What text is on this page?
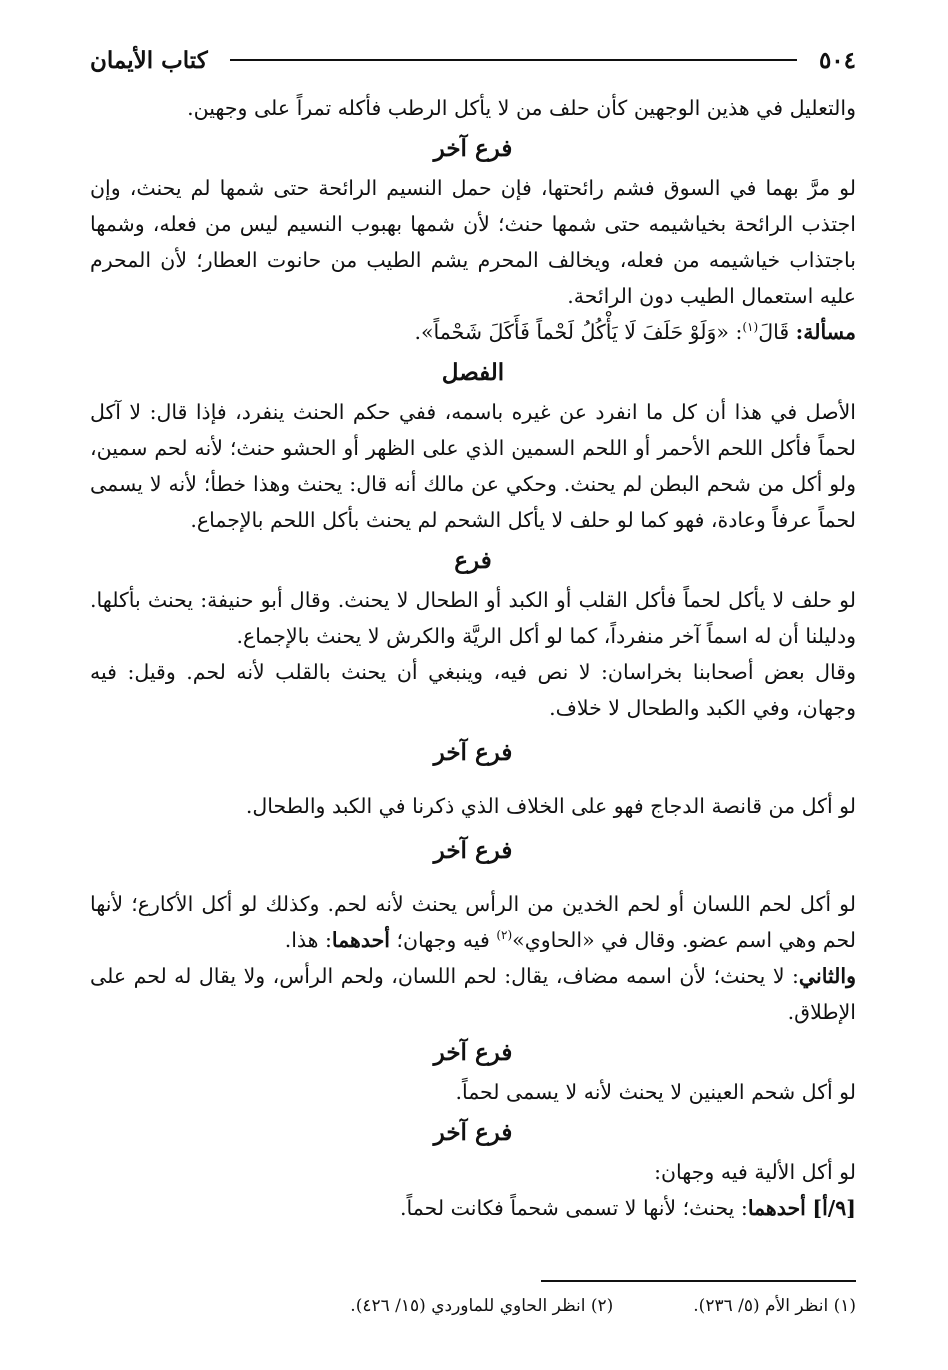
٥٠٤
كتاب الأيمان

والتعليل في هذين الوجهين كأن حلف من لا يأكل الرطب فأكله تمراً على وجهين.

فرع آخر

لو مرَّ بهما في السوق فشم رائحتها، فإن حمل النسيم الرائحة حتى شمها لم يحنث، وإن اجتذب الرائحة بخياشيمه حتى شمها حنث؛ لأن شمها بهبوب النسيم ليس من فعله، وشمها باجتذاب خياشيمه من فعله، ويخالف المحرم يشم الطيب من حانوت العطار؛ لأن المحرم عليه استعمال الطيب دون الرائحة.

مسألة: قَالَ$^{(١)}$: «وَلَوْ حَلَفَ لَا يَأْكُلُ لَحْماً فَأَكَلَ شَحْماً».

الفصل

الأصل في هذا أن كل ما انفرد عن غيره باسمه، ففي حكم الحنث ينفرد، فإذا قال: لا آكل لحماً فأكل اللحم الأحمر أو اللحم السمين الذي على الظهر أو الحشو حنث؛ لأنه لحم سمين، ولو أكل من شحم البطن لم يحنث. وحكي عن مالك أنه قال: يحنث وهذا خطأ؛ لأنه لا يسمى لحماً عرفاً وعادة، فهو كما لو حلف لا يأكل الشحم لم يحنث بأكل اللحم بالإجماع.

فرع

لو حلف لا يأكل لحماً فأكل القلب أو الكبد أو الطحال لا يحنث. وقال أبو حنيفة: يحنث بأكلها. ودليلنا أن له اسماً آخر منفرداً، كما لو أكل الريَّة والكرش لا يحنث بالإجماع.

وقال بعض أصحابنا بخراسان: لا نص فيه، وينبغي أن يحنث بالقلب لأنه لحم. وقيل: فيه وجهان، وفي الكبد والطحال لا خلاف.

فرع آخر

لو أكل من قانصة الدجاج فهو على الخلاف الذي ذكرنا في الكبد والطحال.

فرع آخر

لو أكل لحم اللسان أو لحم الخدين من الرأس يحنث لأنه لحم. وكذلك لو أكل الأكارع؛ لأنها لحم وهي اسم عضو. وقال في «الحاوي»$^{(٢)}$ فيه وجهان؛ أحدهما: هذا.

والثاني: لا يحنث؛ لأن اسمه مضاف، يقال: لحم اللسان، ولحم الرأس، ولا يقال له لحم على الإطلاق.

فرع آخر

لو أكل شحم العينين لا يحنث لأنه لا يسمى لحماً.

فرع آخر

لو أكل الألية فيه وجهان:

[٩/أ] أحدهما: يحنث؛ لأنها لا تسمى شحماً فكانت لحماً.

(١) انظر الأم (٥/ ٢٣٦).
(٢) انظر الحاوي للماوردي (١٥/ ٤٢٦).
